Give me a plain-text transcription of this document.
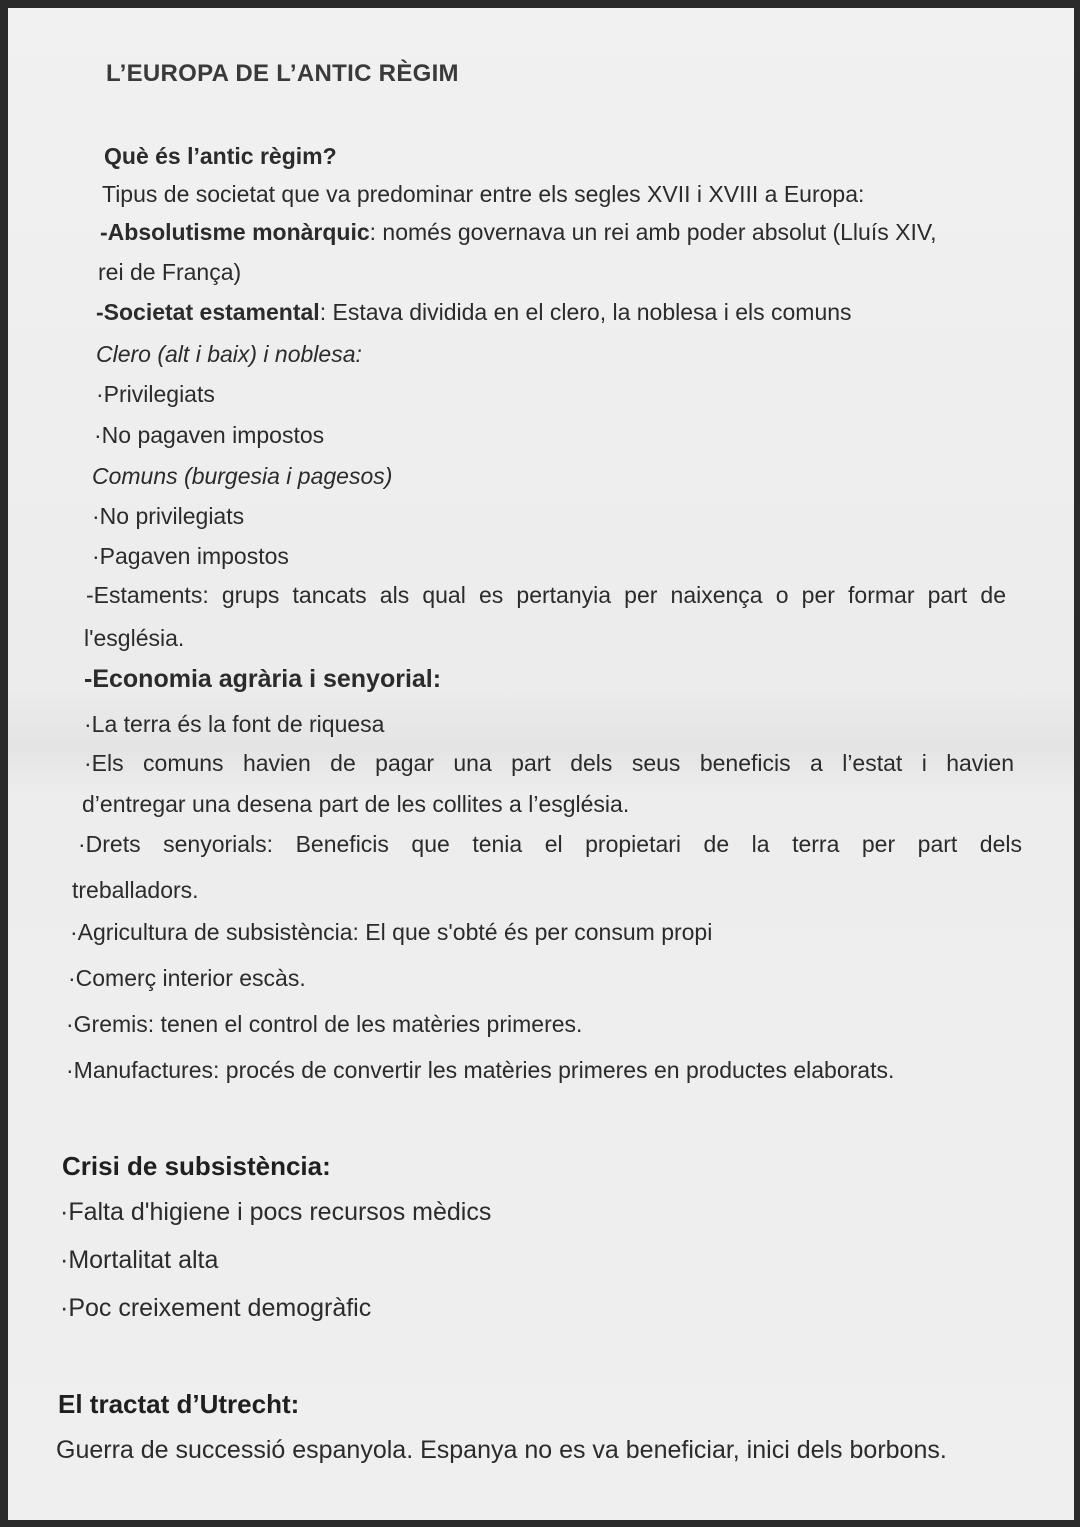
L’EUROPA DE L’ANTIC RÈGIM
Què és l’antic règim?
Tipus de societat que va predominar entre els segles XVII i XVIII a Europa:
-Absolutisme monàrquic: només governava un rei amb poder absolut (Lluís XIV,
rei de França)
-Societat estamental: Estava dividida en el clero, la noblesa i els comuns
Clero (alt i baix) i noblesa:
·Privilegiats
·No pagaven impostos
Comuns (burgesia i pagesos)
·No privilegiats
·Pagaven impostos
-Estaments: grups tancats als qual es pertanyia per naixença o per formar part de
l'església.
-Economia agrària i senyorial:
·La terra és la font de riquesa
·Els comuns havien de pagar una part dels seus beneficis a l’estat i havien
d’entregar una desena part de les collites a l’església.
·Drets senyorials: Beneficis que tenia el propietari de la terra per part dels
treballadors.
·Agricultura de subsistència: El que s'obté és per consum propi
·Comerç interior escàs.
·Gremis: tenen el control de les matèries primeres.
·Manufactures: procés de convertir les matèries primeres en productes elaborats.
Crisi de subsistència:
·Falta d'higiene i pocs recursos mèdics
·Mortalitat alta
·Poc creixement demogràfic
El tractat d’Utrecht:
Guerra de successió espanyola. Espanya no es va beneficiar, inici dels borbons.
